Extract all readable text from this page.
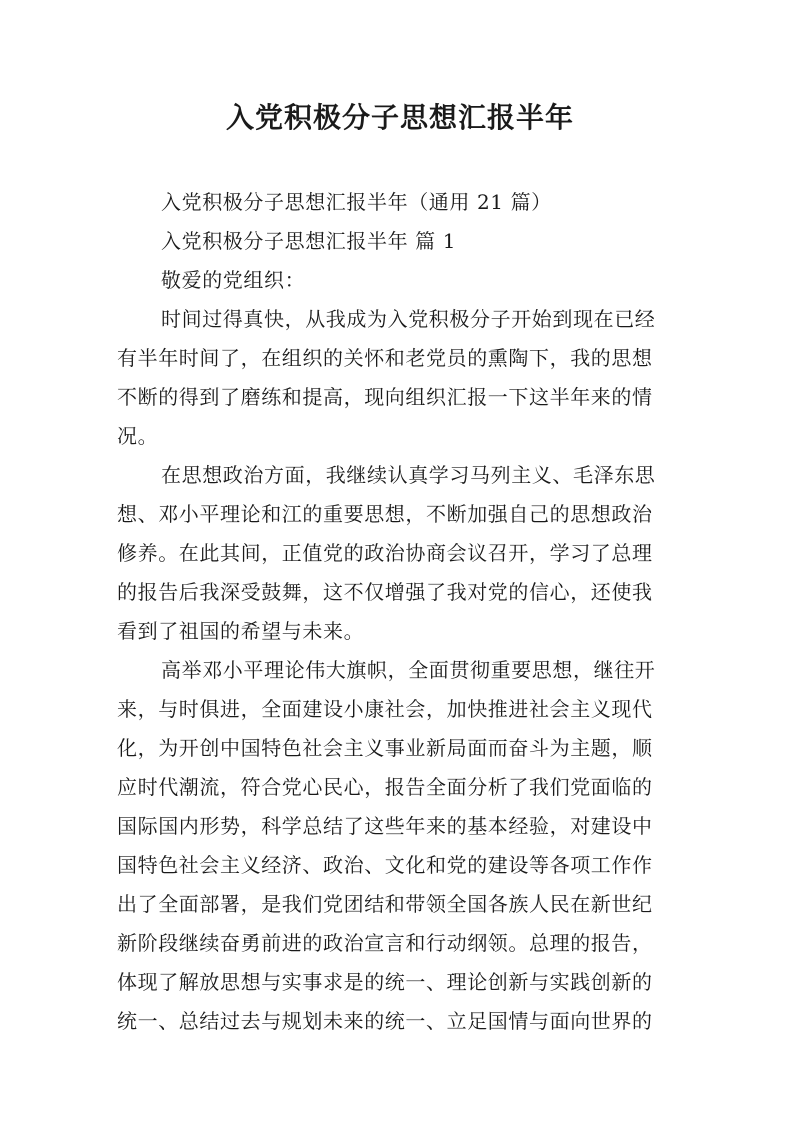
入党积极分子思想汇报半年

入党积极分子思想汇报半年（通用 21 篇）

入党积极分子思想汇报半年 篇 1

敬爱的党组织：

时间过得真快，从我成为入党积极分子开始到现在已经

有半年时间了，在组织的关怀和老党员的熏陶下，我的思想

不断的得到了磨练和提高，现向组织汇报一下这半年来的情

况。

在思想政治方面，我继续认真学习马列主义、毛泽东思

想、邓小平理论和江的重要思想，不断加强自己的思想政治

修养。在此其间，正值党的政治协商会议召开，学习了总理

的报告后我深受鼓舞，这不仅增强了我对党的信心，还使我

看到了祖国的希望与未来。

高举邓小平理论伟大旗帜，全面贯彻重要思想，继往开

来，与时俱进，全面建设小康社会，加快推进社会主义现代

化，为开创中国特色社会主义事业新局面而奋斗为主题，顺

应时代潮流，符合党心民心，报告全面分析了我们党面临的

国际国内形势，科学总结了这些年来的基本经验，对建设中

国特色社会主义经济、政治、文化和党的建设等各项工作作

出了全面部署，是我们党团结和带领全国各族人民在新世纪

新阶段继续奋勇前进的政治宣言和行动纲领。总理的报告，

体现了解放思想与实事求是的统一、理论创新与实践创新的

统一、总结过去与规划未来的统一、立足国情与面向世界的
